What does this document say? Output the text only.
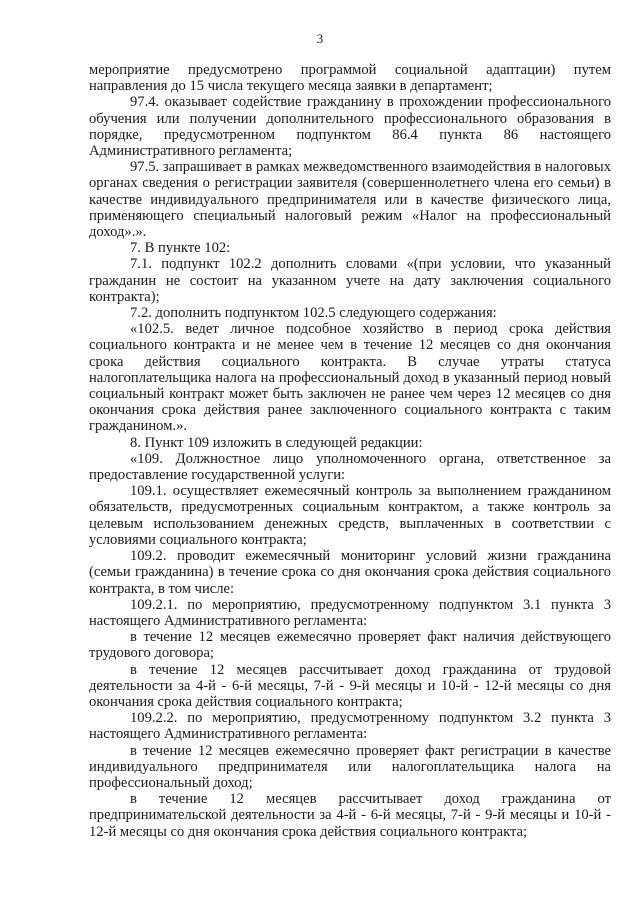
3

мероприятие предусмотрено программой социальной адаптации) путем направления до 15 числа текущего месяца заявки в департамент;

97.4. оказывает содействие гражданину в прохождении профессионального обучения или получении дополнительного профессионального образования в порядке, предусмотренном подпунктом 86.4 пункта 86 настоящего Административного регламента;

97.5. запрашивает в рамках межведомственного взаимодействия в налоговых органах сведения о регистрации заявителя (совершеннолетнего члена его семьи) в качестве индивидуального предпринимателя или в качестве физического лица, применяющего специальный налоговый режим «Налог на профессиональный доход».».

7. В пункте 102:

7.1. подпункт 102.2 дополнить словами «(при условии, что указанный гражданин не состоит на указанном учете на дату заключения социального контракта);

7.2. дополнить подпунктом 102.5 следующего содержания:

«102.5. ведет личное подсобное хозяйство в период срока действия социального контракта и не менее чем в течение 12 месяцев со дня окончания срока действия социального контракта. В случае утраты статуса налогоплательщика налога на профессиональный доход в указанный период новый социальный контракт может быть заключен не ранее чем через 12 месяцев со дня окончания срока действия ранее заключенного социального контракта с таким гражданином.».

8. Пункт 109 изложить в следующей редакции:

«109. Должностное лицо уполномоченного органа, ответственное за предоставление государственной услуги:

109.1. осуществляет ежемесячный контроль за выполнением гражданином обязательств, предусмотренных социальным контрактом, а также контроль за целевым использованием денежных средств, выплаченных в соответствии с условиями социального контракта;

109.2. проводит ежемесячный мониторинг условий жизни гражданина (семьи гражданина) в течение срока со дня окончания срока действия социального контракта, в том числе:

109.2.1. по мероприятию, предусмотренному подпунктом 3.1 пункта 3 настоящего Административного регламента:

в течение 12 месяцев ежемесячно проверяет факт наличия действующего трудового договора;

в течение 12 месяцев рассчитывает доход гражданина от трудовой деятельности за 4-й - 6-й месяцы, 7-й - 9-й месяцы и 10-й - 12-й месяцы со дня окончания срока действия социального контракта;

109.2.2. по мероприятию, предусмотренному подпунктом 3.2 пункта 3 настоящего Административного регламента:

в течение 12 месяцев ежемесячно проверяет факт регистрации в качестве индивидуального предпринимателя или налогоплательщика налога на профессиональный доход;

в течение 12 месяцев рассчитывает доход гражданина от предпринимательской деятельности за 4-й - 6-й месяцы, 7-й - 9-й месяцы и 10-й - 12-й месяцы со дня окончания срока действия социального контракта;
